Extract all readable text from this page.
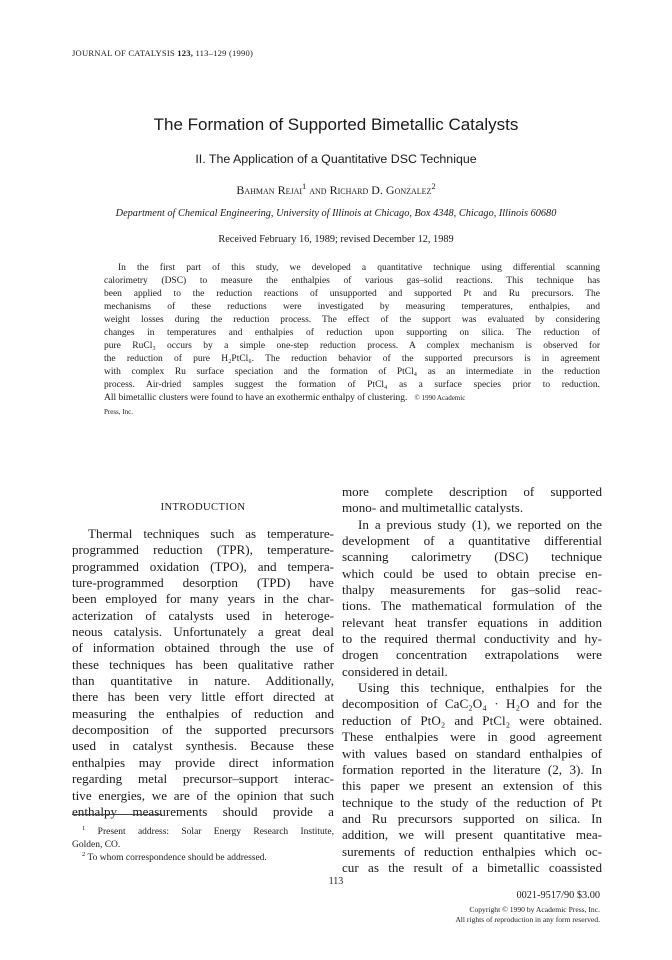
JOURNAL OF CATALYSIS 123, 113–129 (1990)
The Formation of Supported Bimetallic Catalysts
II. The Application of a Quantitative DSC Technique
Bahman Rejai$^1$ and Richard D. Gonzalez$^2$
Department of Chemical Engineering, University of Illinois at Chicago, Box 4348, Chicago, Illinois 60680
Received February 16, 1989; revised December 12, 1989
In the first part of this study, we developed a quantitative technique using differential scanning
calorimetry (DSC) to measure the enthalpies of various gas–solid reactions. This technique has
been applied to the reduction reactions of unsupported and supported Pt and Ru precursors. The
mechanisms of these reductions were investigated by measuring temperatures, enthalpies, and
weight losses during the reduction process. The effect of the support was evaluated by considering
changes in temperatures and enthalpies of reduction upon supporting on silica. The reduction of
pure RuCl₃ occurs by a simple one-step reduction process. A complex mechanism is observed for
the reduction of pure H₂PtCl₆. The reduction behavior of the supported precursors is in agreement
with complex Ru surface speciation and the formation of PtCl₄ as an intermediate in the reduction
process. Air-dried samples suggest the formation of PtCl₄ as a surface species prior to reduction.
All bimetallic clusters were found to have an exothermic enthalpy of clustering. © 1990 Academic
Press, Inc.
more complete description of supported
mono- and multimetallic catalysts.
In a previous study (1), we reported on the
development of a quantitative differential
scanning calorimetry (DSC) technique
which could be used to obtain precise en-
thalpy measurements for gas–solid reac-
tions. The mathematical formulation of the
relevant heat transfer equations in addition
to the required thermal conductivity and hy-
drogen concentration extrapolations were
considered in detail.
Using this technique, enthalpies for the
decomposition of CaC₂O₄ · H₂O and for the
reduction of PtO₂ and PtCl₂ were obtained.
These enthalpies were in good agreement
with values based on standard enthalpies of
formation reported in the literature (2, 3). In
this paper we present an extension of this
technique to the study of the reduction of Pt
and Ru precursors supported on silica. In
addition, we will present quantitative mea-
surements of reduction enthalpies which oc-
cur as the result of a bimetallic coassisted
INTRODUCTION
Thermal techniques such as temperature-
programmed reduction (TPR), temperature-
programmed oxidation (TPO), and tempera-
ture-programmed desorption (TPD) have
been employed for many years in the char-
acterization of catalysts used in heteroge-
neous catalysis. Unfortunately a great deal
of information obtained through the use of
these techniques has been qualitative rather
than quantitative in nature. Additionally,
there has been very little effort directed at
measuring the enthalpies of reduction and
decomposition of the supported precursors
used in catalyst synthesis. Because these
enthalpies may provide direct information
regarding metal precursor–support interac-
tive energies, we are of the opinion that such
enthalpy measurements should provide a
$^1$ Present address: Solar Energy Research Institute,
Golden, CO.
$^2$ To whom correspondence should be addressed.
113
0021-9517/90 $3.00
Copyright © 1990 by Academic Press, Inc.
All rights of reproduction in any form reserved.
